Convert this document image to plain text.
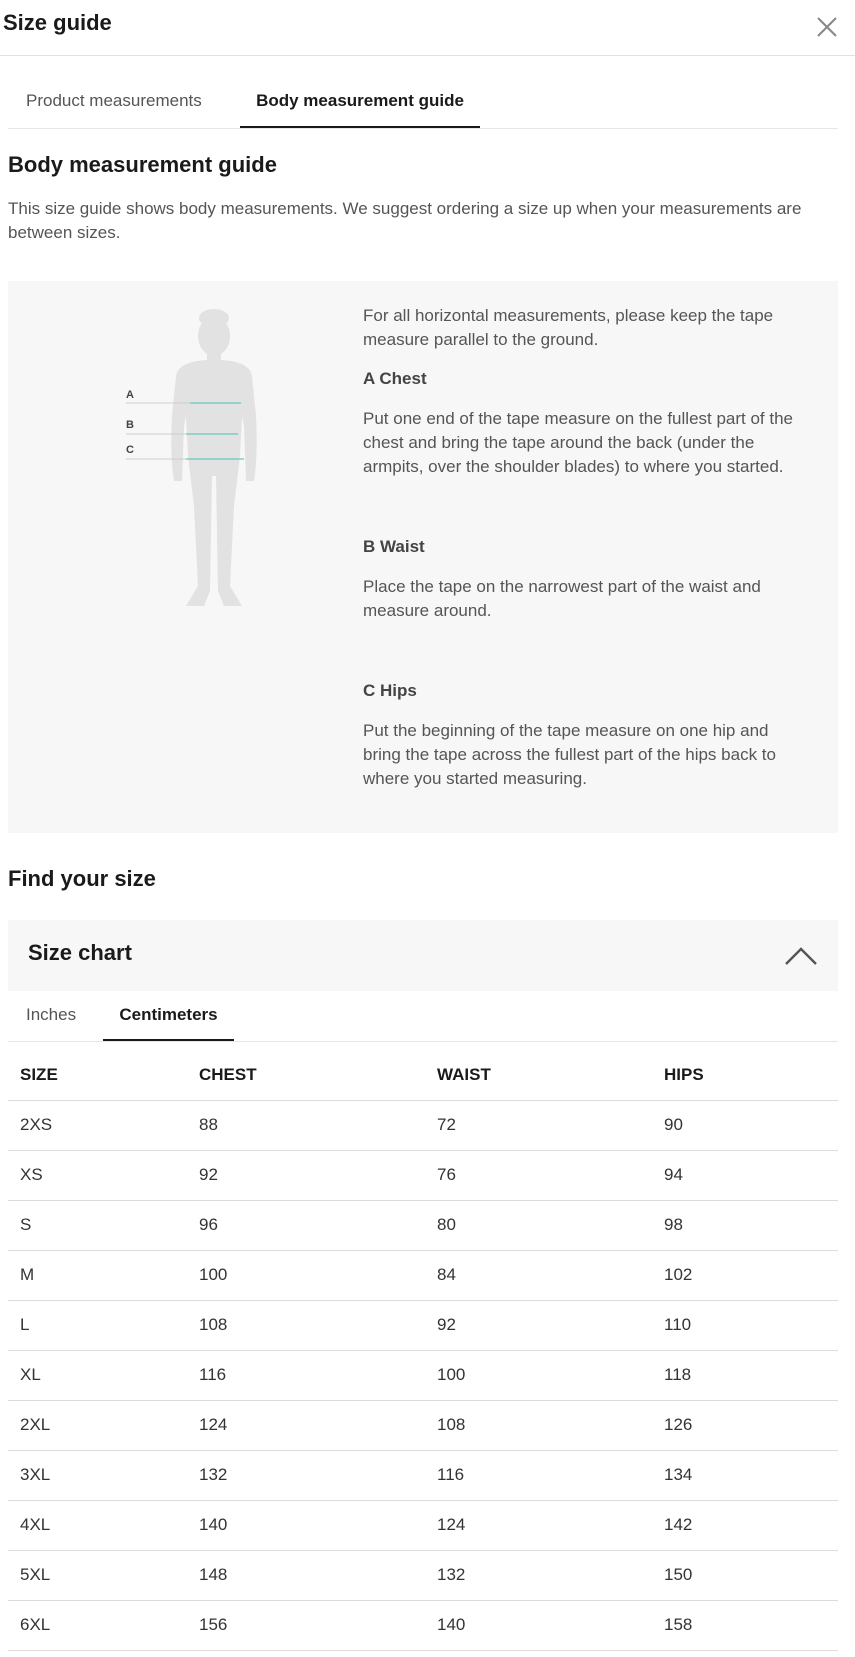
Size guide
Product measurements	Body measurement guide
Body measurement guide
This size guide shows body measurements. We suggest ordering a size up when your measurements are between sizes.
A
B
C
For all horizontal measurements, please keep the tape measure parallel to the ground.
A Chest
Put one end of the tape measure on the fullest part of the chest and bring the tape around the back (under the armpits, over the shoulder blades) to where you started.
B Waist
Place the tape on the narrowest part of the waist and measure around.
C Hips
Put the beginning of the tape measure on one hip and bring the tape across the fullest part of the hips back to where you started measuring.
Find your size
Size chart
Inches	Centimeters
SIZE	CHEST	WAIST	HIPS
2XS	88	72	90
XS	92	76	94
S	96	80	98
M	100	84	102
L	108	92	110
XL	116	100	118
2XL	124	108	126
3XL	132	116	134
4XL	140	124	142
5XL	148	132	150
6XL	156	140	158
